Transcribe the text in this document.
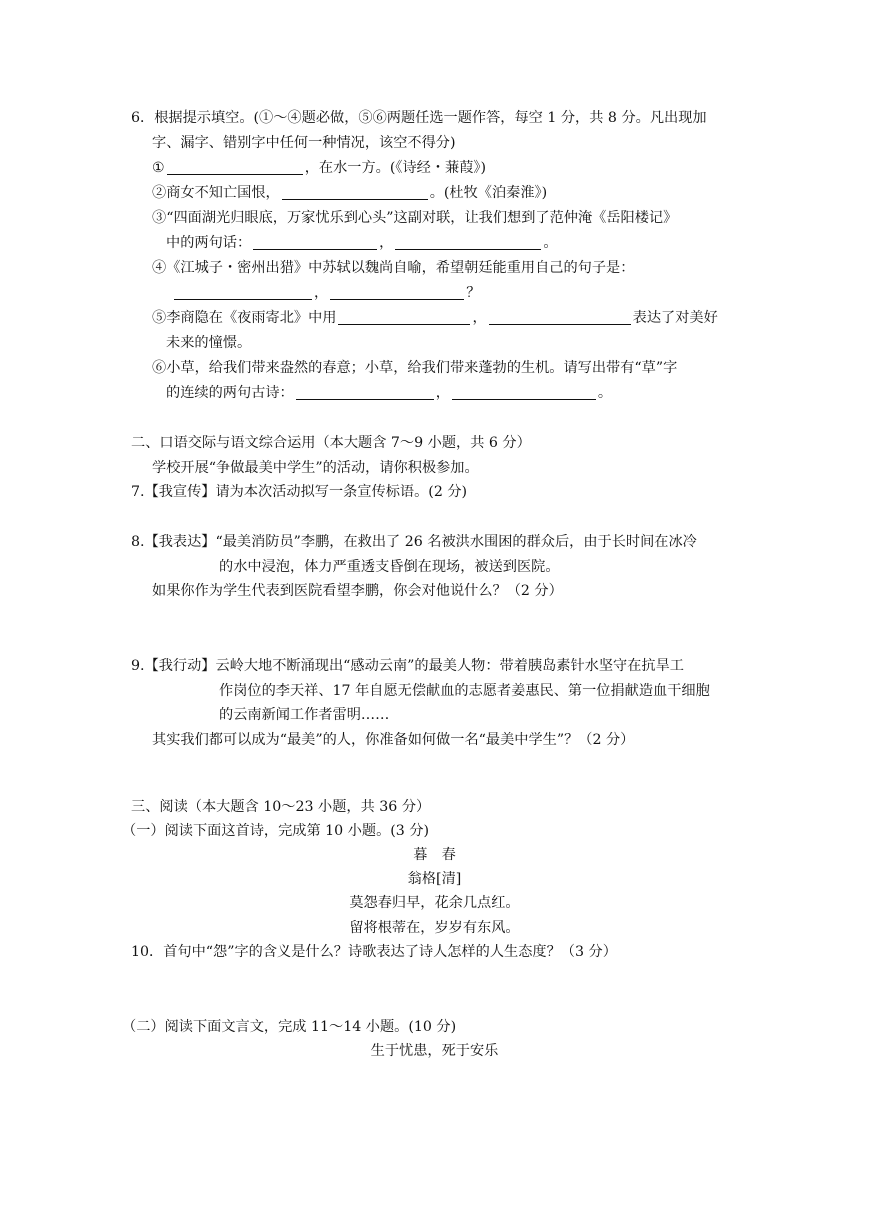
6．根据提示填空。(①～④题必做，⑤⑥两题任选一题作答，每空 1 分，共 8 分。凡出现加
字、漏字、错别字中任何一种情况，该空不得分)
①	，在水一方。(《诗经・蒹葭》)
②商女不知亡国恨，	。(杜牧《泊秦淮》)
③“四面湖光归眼底，万家忧乐到心头”这副对联，让我们想到了范仲淹《岳阳楼记》
中的两句话：	，	。
④《江城子・密州出猎》中苏轼以魏尚自喻，希望朝廷能重用自己的句子是：
，	？
⑤李商隐在《夜雨寄北》中用	，	表达了对美好
未来的憧憬。
⑥小草，给我们带来盎然的春意；小草，给我们带来蓬勃的生机。请写出带有“草”字
的连续的两句古诗：	，	。
二、口语交际与语文综合运用（本大题含 7～9 小题，共 6 分）
学校开展“争做最美中学生”的活动，请你积极参加。
7.【我宣传】请为本次活动拟写一条宣传标语。(2 分)
8.【我表达】“最美消防员”李鹏，在救出了 26 名被洪水围困的群众后，由于长时间在冰冷
的水中浸泡，体力严重透支昏倒在现场，被送到医院。
如果你作为学生代表到医院看望李鹏，你会对他说什么？（2 分）
9.【我行动】云岭大地不断涌现出“感动云南”的最美人物：带着胰岛素针水坚守在抗旱工
作岗位的李天祥、17 年自愿无偿献血的志愿者姜惠民、第一位捐献造血干细胞
的云南新闻工作者雷明……
其实我们都可以成为“最美”的人，你准备如何做一名“最美中学生”？（2 分）
三、阅读（本大题含 10～23 小题，共 36 分）
（一）阅读下面这首诗，完成第 10 小题。(3 分)
暮　春
翁格[清]
莫怨春归早，花余几点红。
留将根蒂在，岁岁有东风。
10．首句中“怨”字的含义是什么？诗歌表达了诗人怎样的人生态度？（3 分）
（二）阅读下面文言文，完成 11～14 小题。(10 分)
生于忧患，死于安乐
